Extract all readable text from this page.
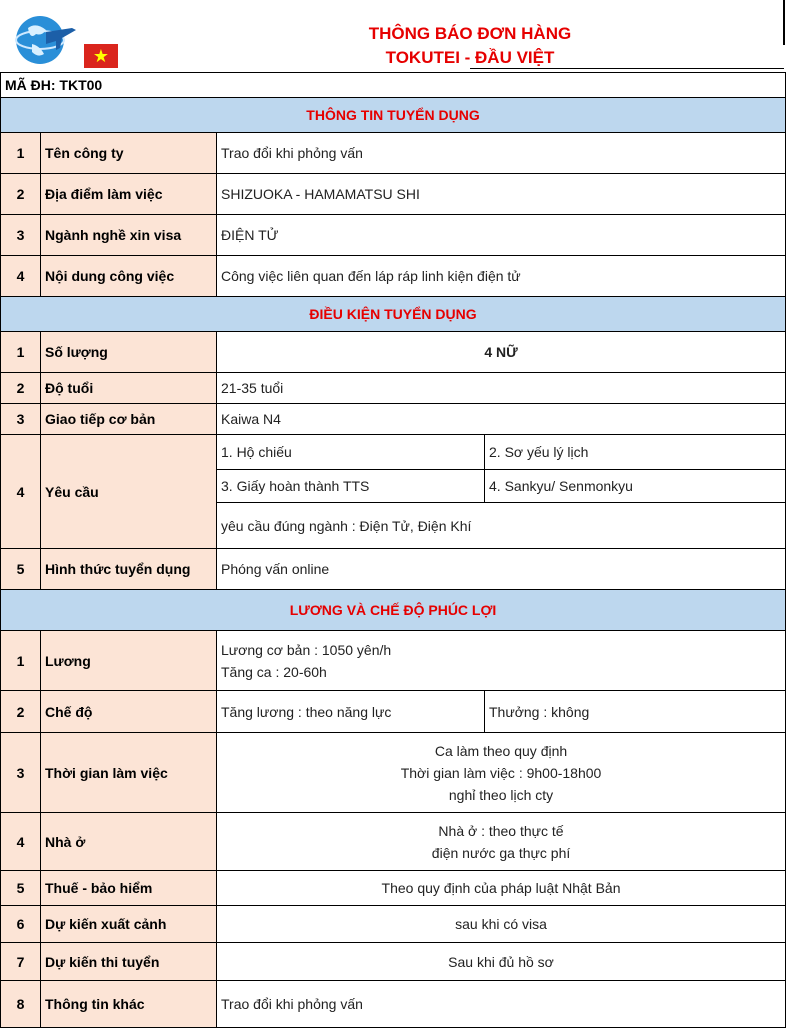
★
THÔNG BÁO ĐƠN HÀNG
TOKUTEI - ĐẦU VIỆT
MÃ ĐH: TKT00			
THÔNG TIN TUYỂN DỤNG			
1	Tên công ty	Trao đổi khi phỏng vấn	
2	Địa điểm làm việc	SHIZUOKA - HAMAMATSU SHI	
3	Ngành nghề xin visa	ĐIỆN TỬ	
4	Nội dung công việc	Công việc liên quan đến láp ráp linh kiện điện tử	
ĐIỀU KIỆN TUYỂN DỤNG			
1	Số lượng	4 NỮ	
2	Độ tuổi	21-35 tuổi	
3	Giao tiếp cơ bản	Kaiwa N4	
4	Yêu cầu	1. Hộ chiếu	2. Sơ yếu lý lịch
		3. Giấy hoàn thành TTS	4. Sankyu/ Senmonkyu
		yêu cầu đúng ngành : Điện Tử, Điện Khí	
5	Hình thức tuyển dụng	Phóng vấn online	
LƯƠNG VÀ CHẾ ĐỘ PHÚC LỢI			
1	Lương	Lương cơ bản : 1050 yên/h
Tăng ca : 20-60h	

2	Chế độ	Tăng lương : theo năng lực	Thưởng : không
3	Thời gian làm việc	Ca làm theo quy định
Thời gian làm việc : 9h00-18h00
nghỉ theo lịch cty	

4	Nhà ở	Nhà ở : theo thực tế
điện nước ga thực phí	

5	Thuế - bảo hiểm	Theo quy định của pháp luật Nhật Bản	
6	Dự kiến xuất cảnh	sau khi có visa	
7	Dự kiến thi tuyển	Sau khi đủ hồ sơ	
8	Thông tin khác	Trao đổi khi phỏng vấn	
